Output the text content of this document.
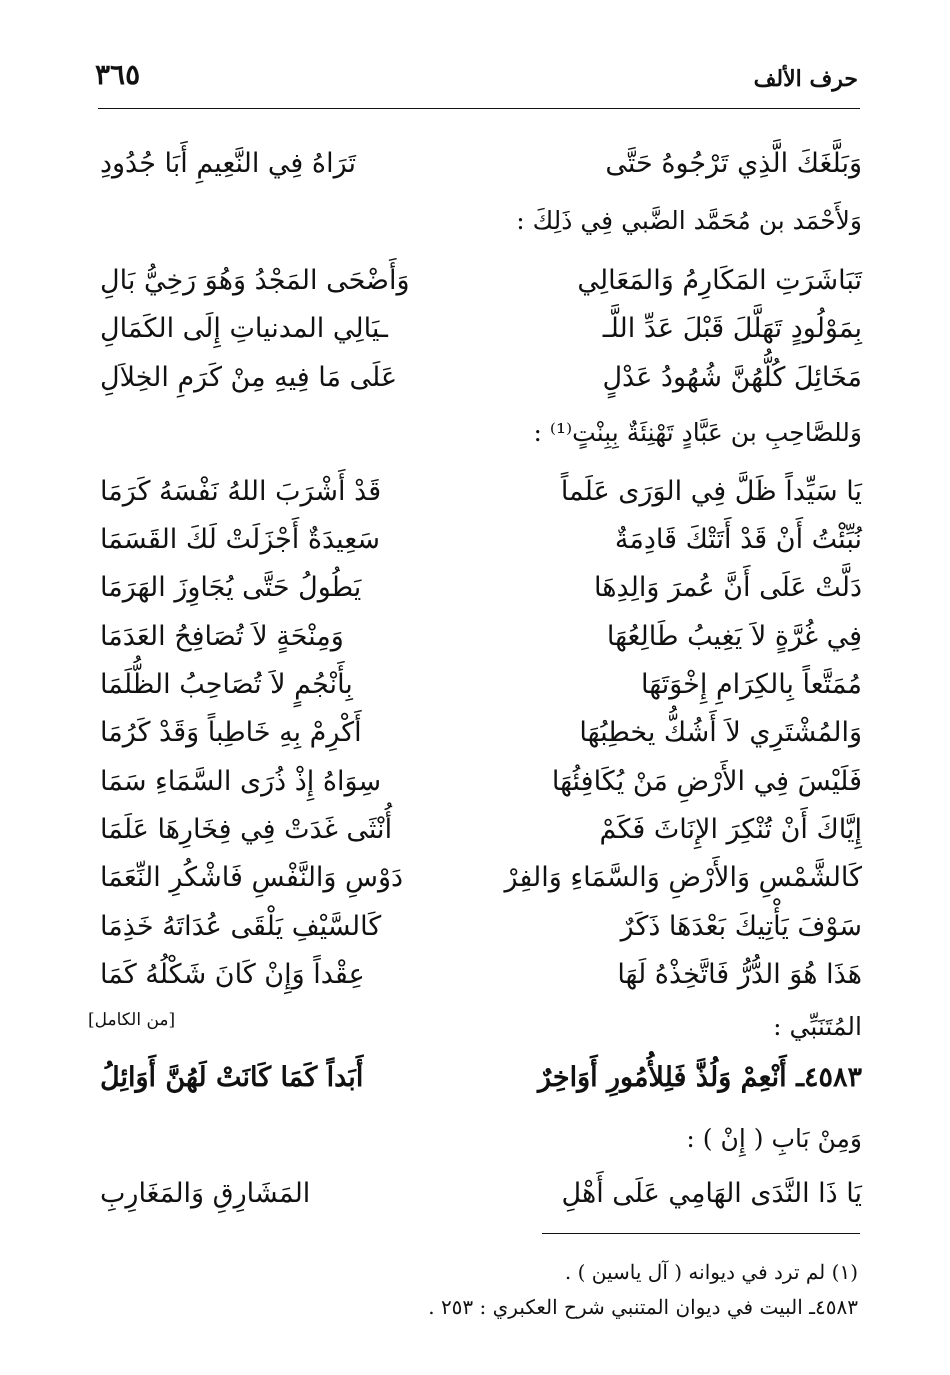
٣٦٥	حرف الألف
وَبَلَّغَكَ الَّذِي تَرْجُوهُ حَتَّى
تَرَاهُ فِي النَّعِيمِ أَبَا جُدُودِ
وَلأَحْمَد بن مُحَمَّد الضَّبي فِي ذَلِكَ :
تَبَاشَرَتِ المَكَارِمُ وَالمَعَالِي
وَأَضْحَى المَجْدُ وَهُوَ رَخِيُّ بَالِ
بِمَوْلُودٍ تَهَلَّلَ قَبْلَ عَدِّ اللَّـ
ـيَالِي المدنياتِ إِلَى الكَمَالِ
مَخَائِلَ كُلُّهُنَّ شُهُودُ عَدْلٍ
عَلَى مَا فِيهِ مِنْ كَرَمِ الخِلاَلِ
وَللصَّاحِبِ بن عَبَّادٍ تَهْنِئَةٌ بِبِنْتٍ⁽¹⁾ :
يَا سَيِّداً ظَلَّ فِي الوَرَى عَلَماً
قَدْ أَشْرَبَ اللهُ نَفْسَهُ كَرَمَا
نُبِّئْتُ أَنْ قَدْ أَتَتْكَ قَادِمَةٌ
سَعِيدَةٌ أَجْزَلَتْ لَكَ القَسَمَا
دَلَّتْ عَلَى أَنَّ عُمرَ وَالِدِهَا
يَطُولُ حَتَّى يُجَاوِزَ الهَرَمَا
فِي غُرَّةٍ لاَ يَغِيبُ طَالِعُهَا
وَمِنْحَةٍ لاَ تُصَافِحُ العَدَمَا
مُمَتَّعاً بِالكِرَامِ إِخْوَتَهَا
بِأَنْجُمٍ لاَ تُصَاحِبُ الظُّلَمَا
وَالمُشْتَرِي لاَ أَشُكُّ يخطِبُهَا
أَكْرِمْ بِهِ خَاطِباً وَقَدْ كَرُمَا
فَلَيْسَ فِي الأَرْضِ مَنْ يُكَافِئُهَا
سِوَاهُ إِذْ ذُرَى السَّمَاءِ سَمَا
إِيَّاكَ أَنْ تُنْكِرَ الإِنَاثَ فَكَمْ
أُنْثَى غَدَتْ فِي فِخَارِهَا عَلَمَا
كَالشَّمْسِ وَالأَرْضِ وَالسَّمَاءِ وَالفِرْ
دَوْسِ وَالنَّفْسِ فَاشْكُرِ النِّعَمَا
سَوْفَ يَأْتِيكَ بَعْدَهَا ذَكَرٌ
كَالسَّيْفِ يَلْقَى عُدَاتَهُ خَذِمَا
هَذَا هُوَ الدُّرُّ فَاتَّخِذْهُ لَهَا
عِقْداً وَإِنْ كَانَ شَكْلُهُ كَمَا
المُتَنَبِّي :
٤٥٨٣ـ أَنْعِمْ وَلُذَّ فَلِلأُمُورِ أَوَاخِرٌ
أَبَداً كَمَا كَانَتْ لَهُنَّ أَوَائِلُ
وَمِنْ بَابِ ( إِنْ ) :
يَا ذَا النَّدَى الهَامِي عَلَى أَهْلِ
المَشَارِقِ وَالمَغَارِبِ
[من الكامل]
(١) لم ترد في ديوانه ( آل ياسين ) .
٤٥٨٣ـ البيت في ديوان المتنبي شرح العكبري : ٢٥٣ .
